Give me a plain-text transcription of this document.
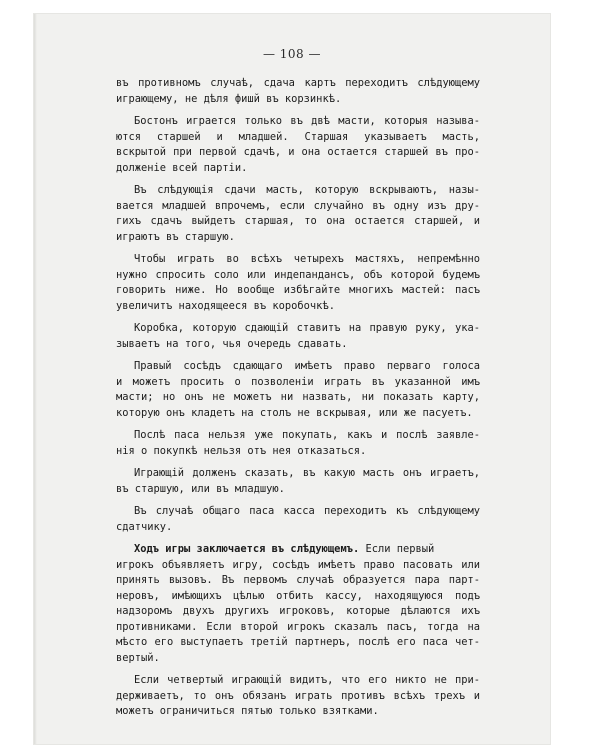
— 108 —

въ противномъ случаѣ, сдача картъ переходитъ слѣдующему
играющему, не дѣля фишй въ корзинкѣ.

Бостонъ играется только въ двѣ масти, которыя называ-
ются старшей и младшей. Старшая указываетъ масть,
вскрытой при первой сдачѣ, и она остается старшей въ про-
долженіе всей партіи.

Въ слѣдующія сдачи масть, которую вскрываютъ, назы-
вается младшей впрочемъ, если случайно въ одну изъ дру-
гихъ сдачъ выйдетъ старшая, то она остается старшей, и
играютъ въ старшую.

Чтобы играть во всѣхъ четырехъ мастяхъ, непремѣнно
нужно спросить соло или индепандансъ, объ которой будемъ
говорить ниже. Но вообще избѣгайте многихъ мастей: пасъ
увеличитъ находящееся въ коробочкѣ.

Коробка, которую сдающій ставитъ на правую руку, ука-
зываетъ на того, чья очередь сдавать.

Правый сосѣдъ сдающаго имѣетъ право перваго голоса
и можетъ просить о позволеніи играть въ указанной имъ
масти; но онъ не можетъ ни назвать, ни показать карту,
которую онъ кладетъ на столъ не вскрывая, или же пасуетъ.

Послѣ паса нельзя уже покупать, какъ и послѣ заявле-
нія о покупкѣ нельзя отъ нея отказаться.

Играющій долженъ сказать, въ какую масть онъ играетъ,
въ старшую, или въ младшую.

Въ случаѣ общаго паса касса переходитъ къ слѣдующему
сдатчику.

Ходъ игры заключается въ слѣдующемъ. Если первый
игрокъ объявляетъ игру, сосѣдъ имѣетъ право пасовать или
принять вызовъ. Въ первомъ случаѣ образуется пара парт-
неровъ, имѣющихъ цѣлью отбить кассу, находящуюся подъ
надзоромъ двухъ другихъ игроковъ, которые дѣлаются ихъ
противниками. Если второй игрокъ сказалъ пасъ, тогда на
мѣсто его выступаетъ третій партнеръ, послѣ его паса чет-
вертый.

Если четвертый играющій видитъ, что его никто не при-
держиваетъ, то онъ обязанъ играть противъ всѣхъ трехъ и
можетъ ограничиться пятью только взятками.
